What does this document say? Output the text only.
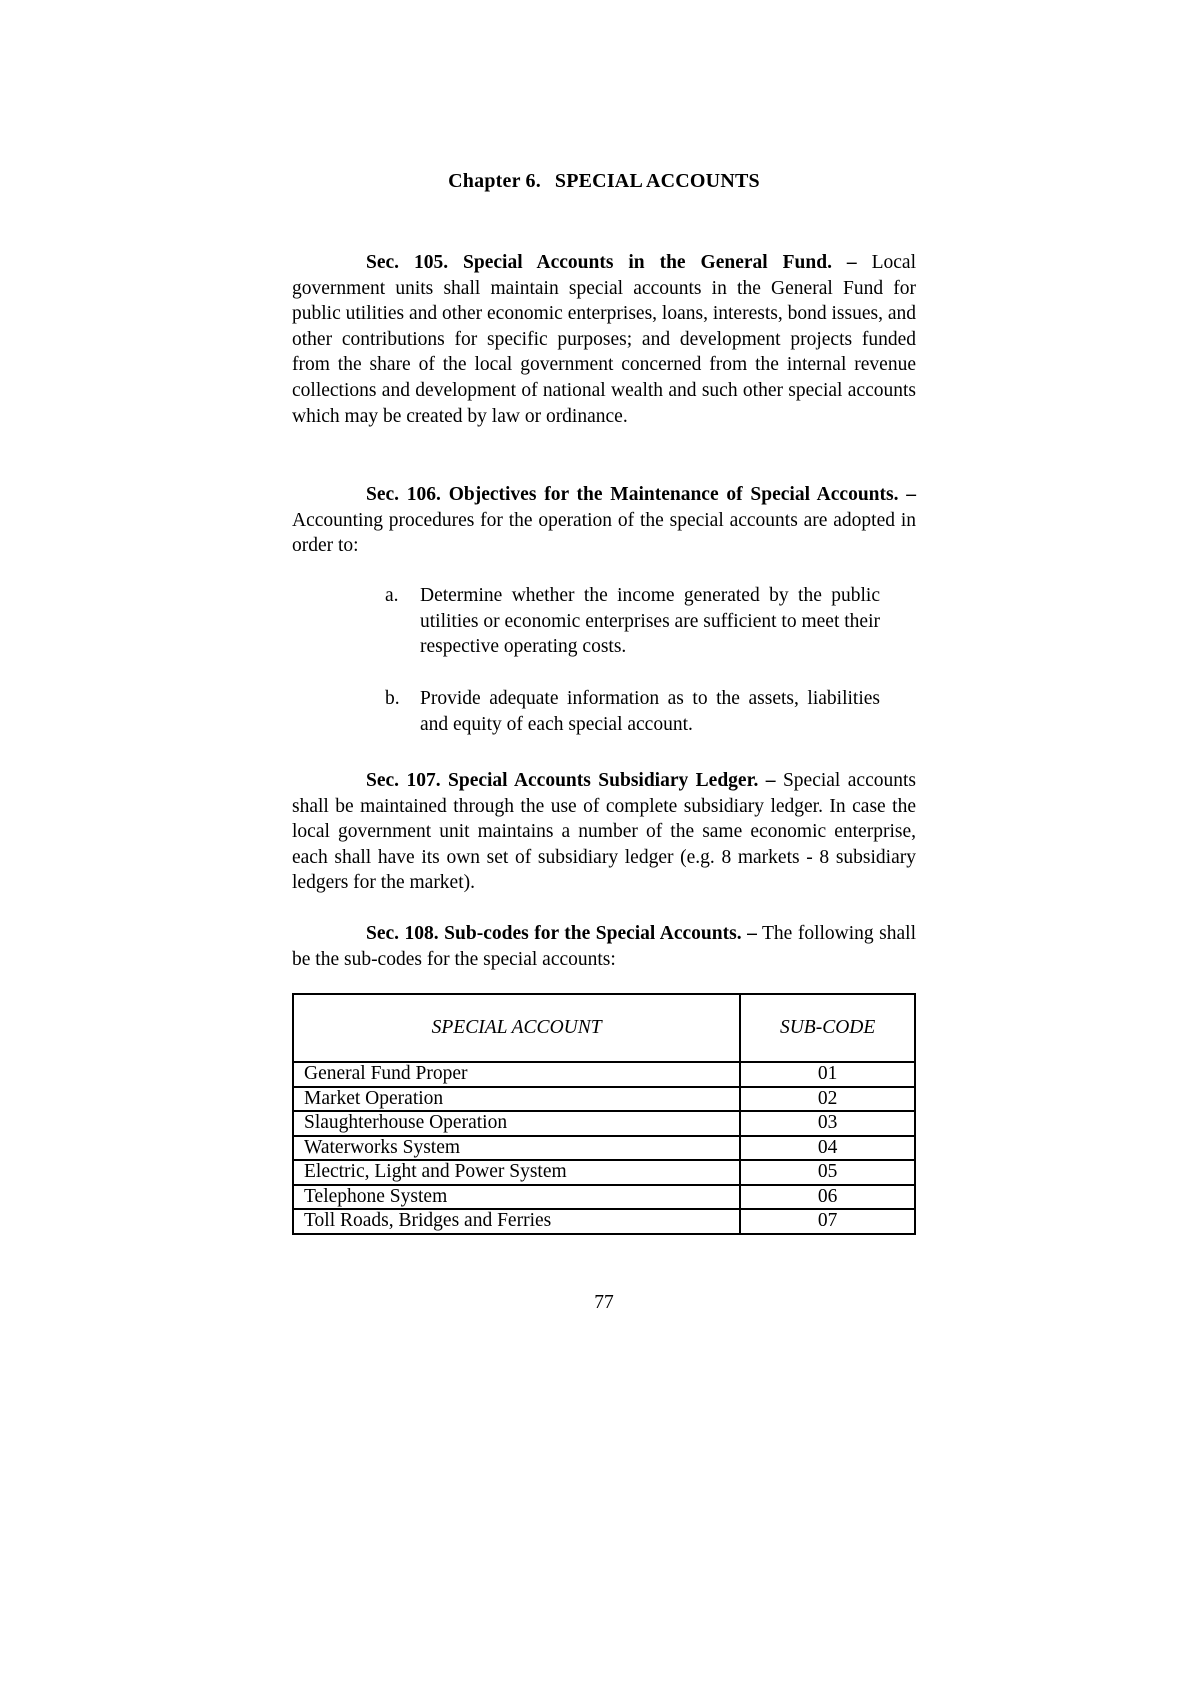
Chapter 6. SPECIAL ACCOUNTS

Sec. 105. Special Accounts in the General Fund. – Local government units shall maintain special accounts in the General Fund for public utilities and other economic enterprises, loans, interests, bond issues, and other contributions for specific purposes; and development projects funded from the share of the local government concerned from the internal revenue collections and development of national wealth and such other special accounts which may be created by law or ordinance.

Sec. 106. Objectives for the Maintenance of Special Accounts. – Accounting procedures for the operation of the special accounts are adopted in order to:

a.	Determine whether the income generated by the public utilities or economic enterprises are sufficient to meet their respective operating costs.
b.	Provide adequate information as to the assets, liabilities and equity of each special account.

Sec. 107. Special Accounts Subsidiary Ledger. – Special accounts shall be maintained through the use of complete subsidiary ledger. In case the local government unit maintains a number of the same economic enterprise, each shall have its own set of subsidiary ledger (e.g. 8 markets - 8 subsidiary ledgers for the market).

Sec. 108. Sub-codes for the Special Accounts. – The following shall be the sub-codes for the special accounts:

SPECIAL ACCOUNT	SUB-CODE
General Fund Proper	01
Market Operation	02
Slaughterhouse Operation	03
Waterworks System	04
Electric, Light and Power System	05
Telephone System	06
Toll Roads, Bridges and Ferries	07

77
